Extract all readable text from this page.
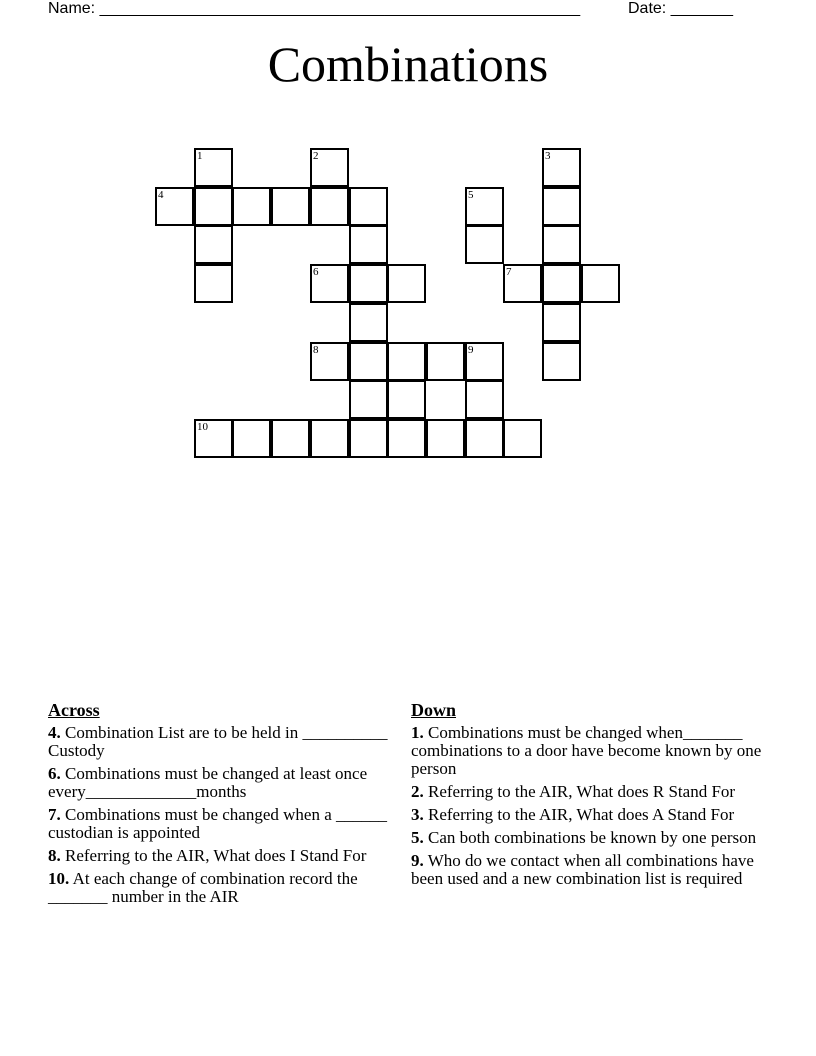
Name: ______________________________________________________	Date: _______
Combinations
1	2	3
4	5
6	7
8	9
10
Across
4. Combination List are to be held in __________ Custody
6. Combinations must be changed at least once every_____________months
7. Combinations must be changed when a ______ custodian is appointed
8. Referring to the AIR, What does I Stand For
10. At each change of combination record the _______ number in the AIR
Down
1. Combinations must be changed when_______ combinations to a door have become known by one person
2. Referring to the AIR, What does R Stand For
3. Referring to the AIR, What does A Stand For
5. Can both combinations be known by one person
9. Who do we contact when all combinations have been used and a new combination list is required
